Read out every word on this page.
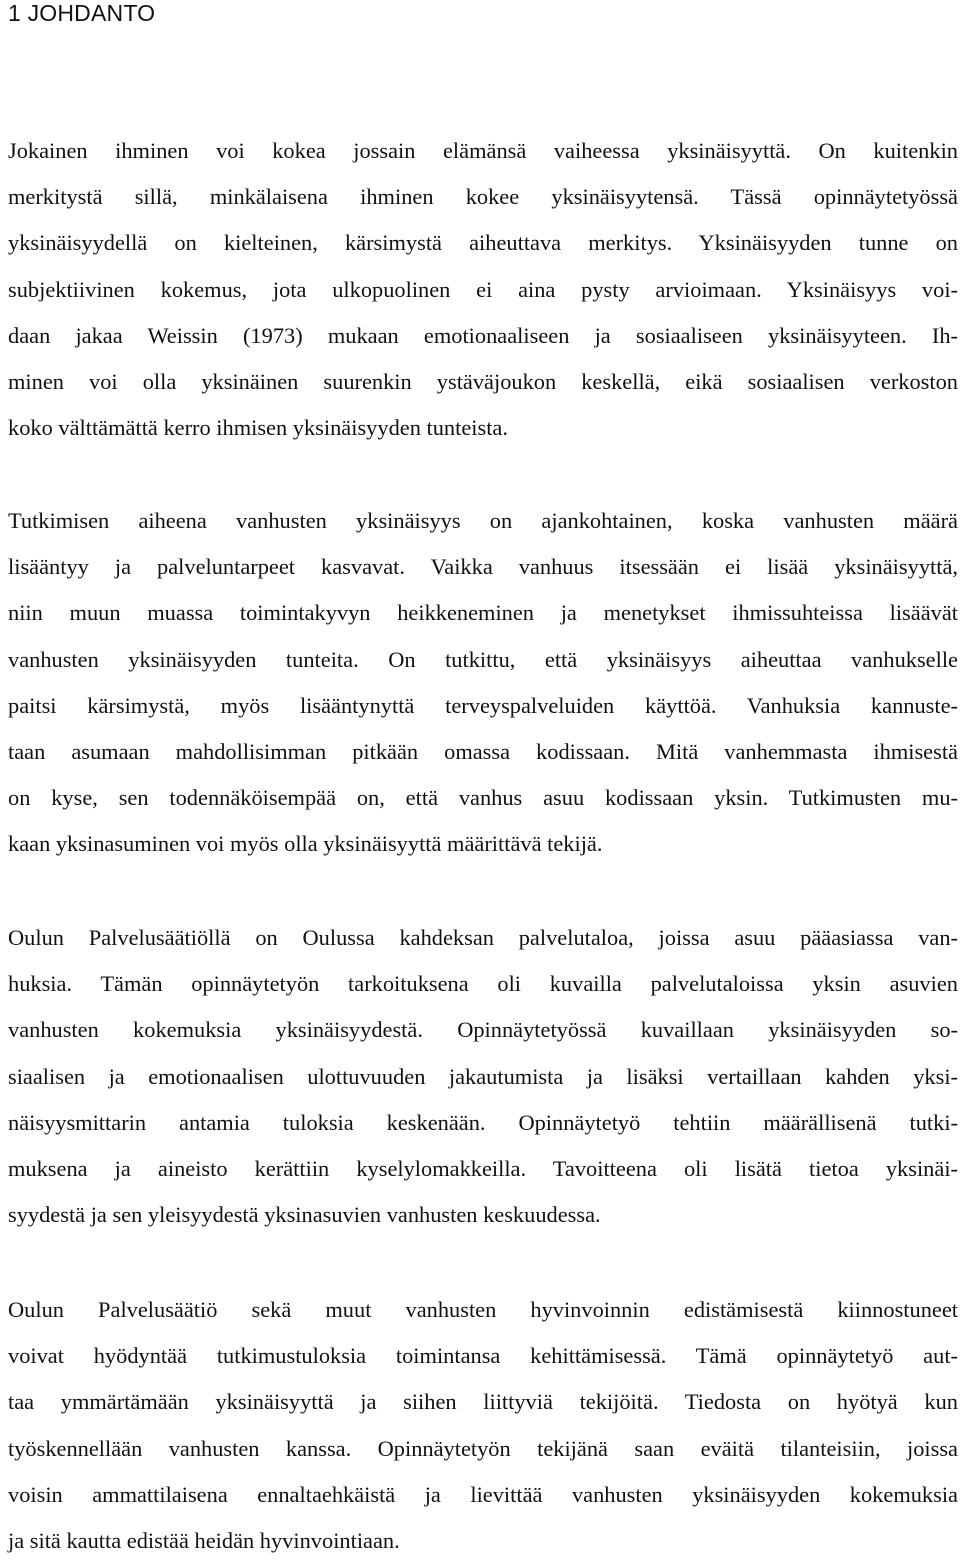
1 JOHDANTO
Jokainen ihminen voi kokea jossain elämänsä vaiheessa yksinäisyyttä. On kuitenkin
merkitystä sillä, minkälaisena ihminen kokee yksinäisyytensä. Tässä opinnäytetyössä
yksinäisyydellä on kielteinen, kärsimystä aiheuttava merkitys. Yksinäisyyden tunne on
subjektiivinen kokemus, jota ulkopuolinen ei aina pysty arvioimaan. Yksinäisyys voi-
daan jakaa Weissin (1973) mukaan emotionaaliseen ja sosiaaliseen yksinäisyyteen. Ih-
minen voi olla yksinäinen suurenkin ystäväjoukon keskellä, eikä sosiaalisen verkoston
koko välttämättä kerro ihmisen yksinäisyyden tunteista.
Tutkimisen aiheena vanhusten yksinäisyys on ajankohtainen, koska vanhusten määrä
lisääntyy ja palveluntarpeet kasvavat. Vaikka vanhuus itsessään ei lisää yksinäisyyttä,
niin muun muassa toimintakyvyn heikkeneminen ja menetykset ihmissuhteissa lisäävät
vanhusten yksinäisyyden tunteita. On tutkittu, että yksinäisyys aiheuttaa vanhukselle
paitsi kärsimystä, myös lisääntynyttä terveyspalveluiden käyttöä. Vanhuksia kannuste-
taan asumaan mahdollisimman pitkään omassa kodissaan. Mitä vanhemmasta ihmisestä
on kyse, sen todennäköisempää on, että vanhus asuu kodissaan yksin. Tutkimusten mu-
kaan yksinasuminen voi myös olla yksinäisyyttä määrittävä tekijä.
Oulun Palvelusäätiöllä on Oulussa kahdeksan palvelutaloa, joissa asuu pääasiassa van-
huksia. Tämän opinnäytetyön tarkoituksena oli kuvailla palvelutaloissa yksin asuvien
vanhusten kokemuksia yksinäisyydestä. Opinnäytetyössä kuvaillaan yksinäisyyden so-
siaalisen ja emotionaalisen ulottuvuuden jakautumista ja lisäksi vertaillaan kahden yksi-
näisyysmittarin antamia tuloksia keskenään. Opinnäytetyö tehtiin määrällisenä tutki-
muksena ja aineisto kerättiin kyselylomakkeilla. Tavoitteena oli lisätä tietoa yksinäi-
syydestä ja sen yleisyydestä yksinasuvien vanhusten keskuudessa.
Oulun Palvelusäätiö sekä muut vanhusten hyvinvoinnin edistämisestä kiinnostuneet
voivat hyödyntää tutkimustuloksia toimintansa kehittämisessä. Tämä opinnäytetyö aut-
taa ymmärtämään yksinäisyyttä ja siihen liittyviä tekijöitä. Tiedosta on hyötyä kun
työskennellään vanhusten kanssa. Opinnäytetyön tekijänä saan eväitä tilanteisiin, joissa
voisin ammattilaisena ennaltaehkäistä ja lievittää vanhusten yksinäisyyden kokemuksia
ja sitä kautta edistää heidän hyvinvointiaan.
